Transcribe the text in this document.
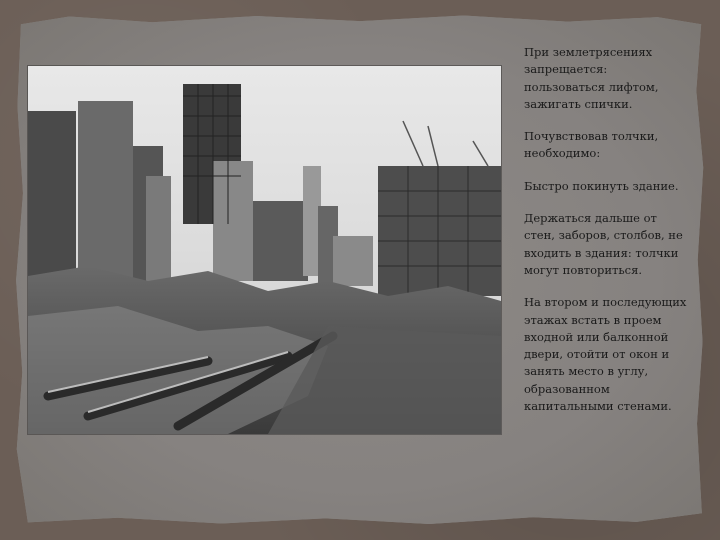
При землетрясениях запрещается: пользоваться лифтом, зажигать спички.

Почувствовав толчки, необходимо:

Быстро покинуть здание.

Держаться дальше от стен, заборов, столбов, не входить в здания: толчки могут повториться.

На втором и последующих этажах встать в проем входной или балконной двери, отойти от окон и занять место в углу, образованном капитальными стенами.
